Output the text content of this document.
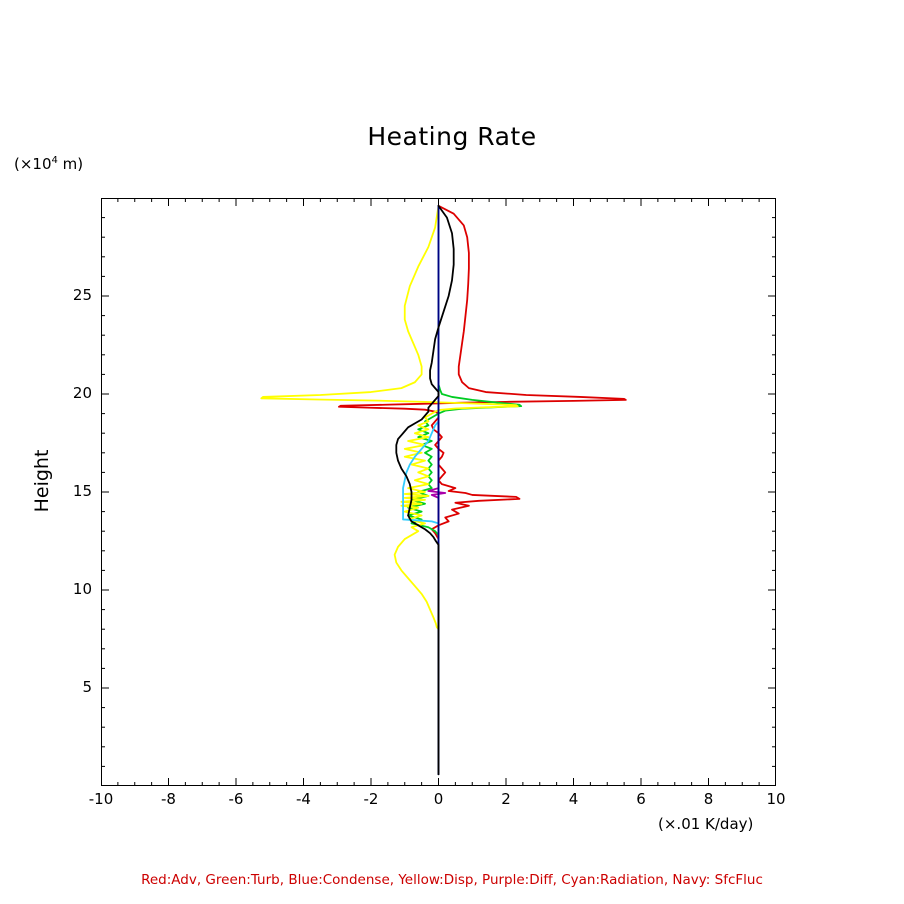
Heating Rate
($\times 10^4$ m)
Height
-10	-8	-6	-4	-2	0	2	4	6	8	10
5
10
15
20
25
(×.01 K/day)
Red:Adv, Green:Turb, Blue:Condense, Yellow:Disp, Purple:Diff, Cyan:Radiation, Navy: SfcFluc
